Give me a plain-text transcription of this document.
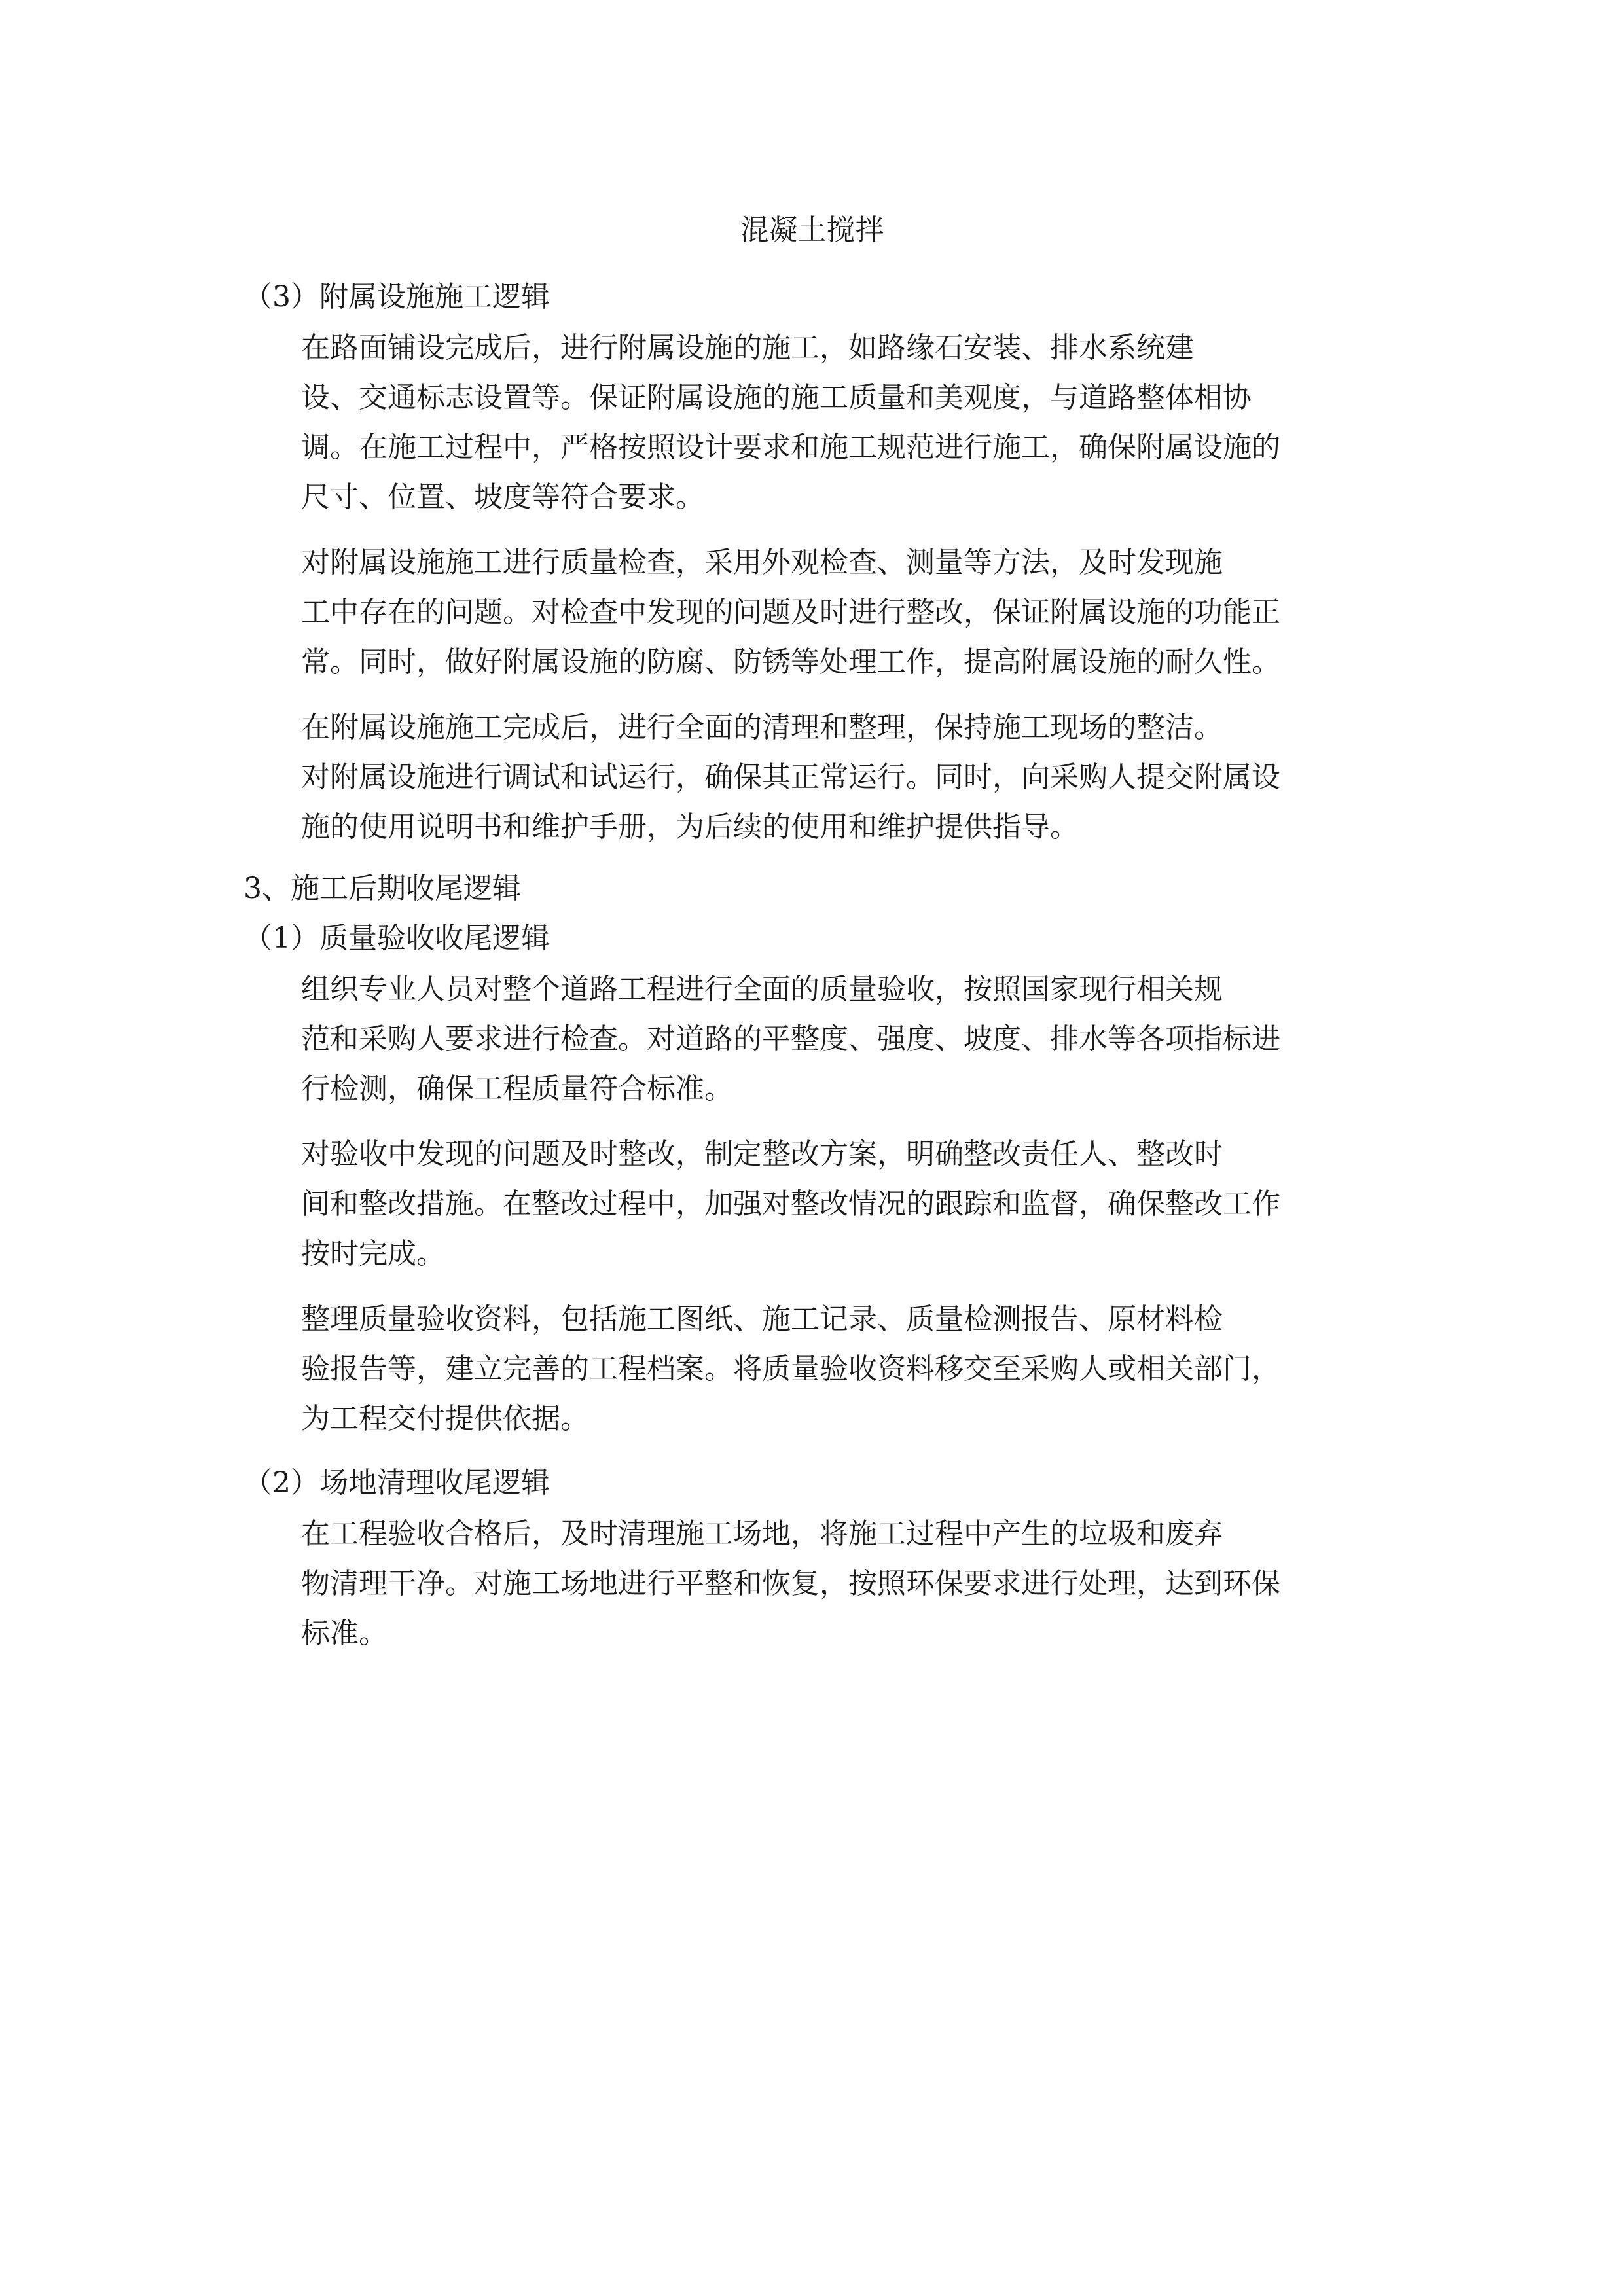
混凝土搅拌

（3）附属设施施工逻辑

在路面铺设完成后，进行附属设施的施工，如路缘石安装、排水系统建
设、交通标志设置等。保证附属设施的施工质量和美观度，与道路整体相协
调。在施工过程中，严格按照设计要求和施工规范进行施工，确保附属设施的
尺寸、位置、坡度等符合要求。

对附属设施施工进行质量检查，采用外观检查、测量等方法，及时发现施
工中存在的问题。对检查中发现的问题及时进行整改，保证附属设施的功能正
常。同时，做好附属设施的防腐、防锈等处理工作，提高附属设施的耐久性。

在附属设施施工完成后，进行全面的清理和整理，保持施工现场的整洁。
对附属设施进行调试和试运行，确保其正常运行。同时，向采购人提交附属设
施的使用说明书和维护手册，为后续的使用和维护提供指导。

3、施工后期收尾逻辑

（1）质量验收收尾逻辑

组织专业人员对整个道路工程进行全面的质量验收，按照国家现行相关规
范和采购人要求进行检查。对道路的平整度、强度、坡度、排水等各项指标进
行检测，确保工程质量符合标准。

对验收中发现的问题及时整改，制定整改方案，明确整改责任人、整改时
间和整改措施。在整改过程中，加强对整改情况的跟踪和监督，确保整改工作
按时完成。

整理质量验收资料，包括施工图纸、施工记录、质量检测报告、原材料检
验报告等，建立完善的工程档案。将质量验收资料移交至采购人或相关部门，
为工程交付提供依据。

（2）场地清理收尾逻辑

在工程验收合格后，及时清理施工场地，将施工过程中产生的垃圾和废弃
物清理干净。对施工场地进行平整和恢复，按照环保要求进行处理，达到环保
标准。
